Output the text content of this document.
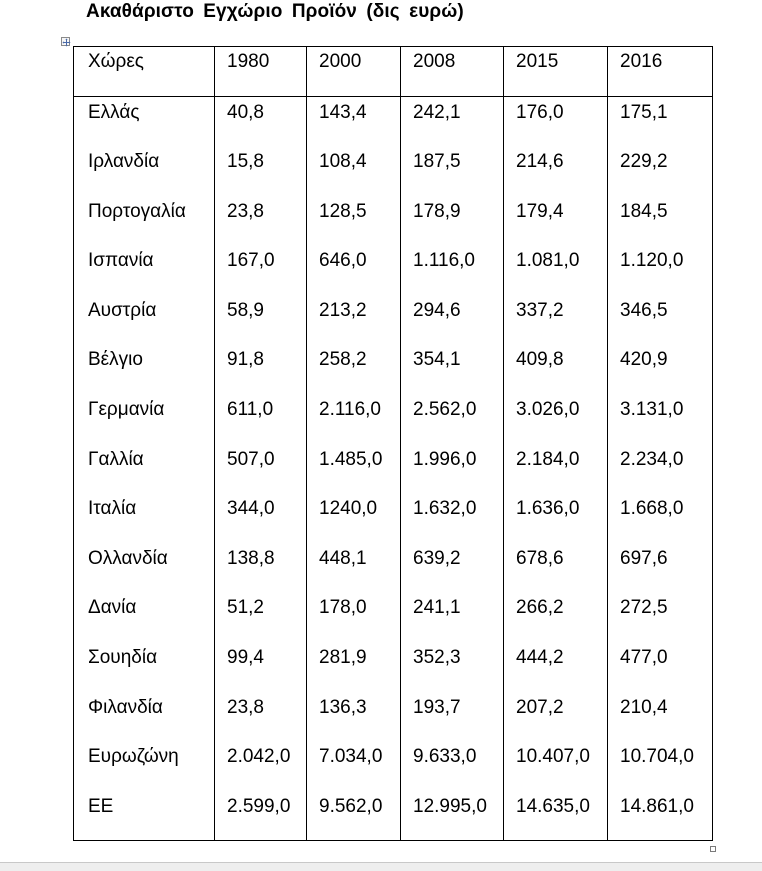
Ακαθάριστο Εγχώριο Προϊόν (δις ευρώ)
Χώρες	1980	2000	2008	2015	2016
Ελλάς	40,8	143,4	242,1	176,0	175,1
Ιρλανδία	15,8	108,4	187,5	214,6	229,2
Πορτογαλία	23,8	128,5	178,9	179,4	184,5
Ισπανία	167,0	646,0	1.116,0	1.081,0	1.120,0
Αυστρία	58,9	213,2	294,6	337,2	346,5
Βέλγιο	91,8	258,2	354,1	409,8	420,9
Γερμανία	611,0	2.116,0	2.562,0	3.026,0	3.131,0
Γαλλία	507,0	1.485,0	1.996,0	2.184,0	2.234,0
Ιταλία	344,0	1240,0	1.632,0	1.636,0	1.668,0
Ολλανδία	138,8	448,1	639,2	678,6	697,6
Δανία	51,2	178,0	241,1	266,2	272,5
Σουηδία	99,4	281,9	352,3	444,2	477,0
Φιλανδία	23,8	136,3	193,7	207,2	210,4
Ευρωζώνη	2.042,0	7.034,0	9.633,0	10.407,0	10.704,0
ΕΕ	2.599,0	9.562,0	12.995,0	14.635,0	14.861,0
